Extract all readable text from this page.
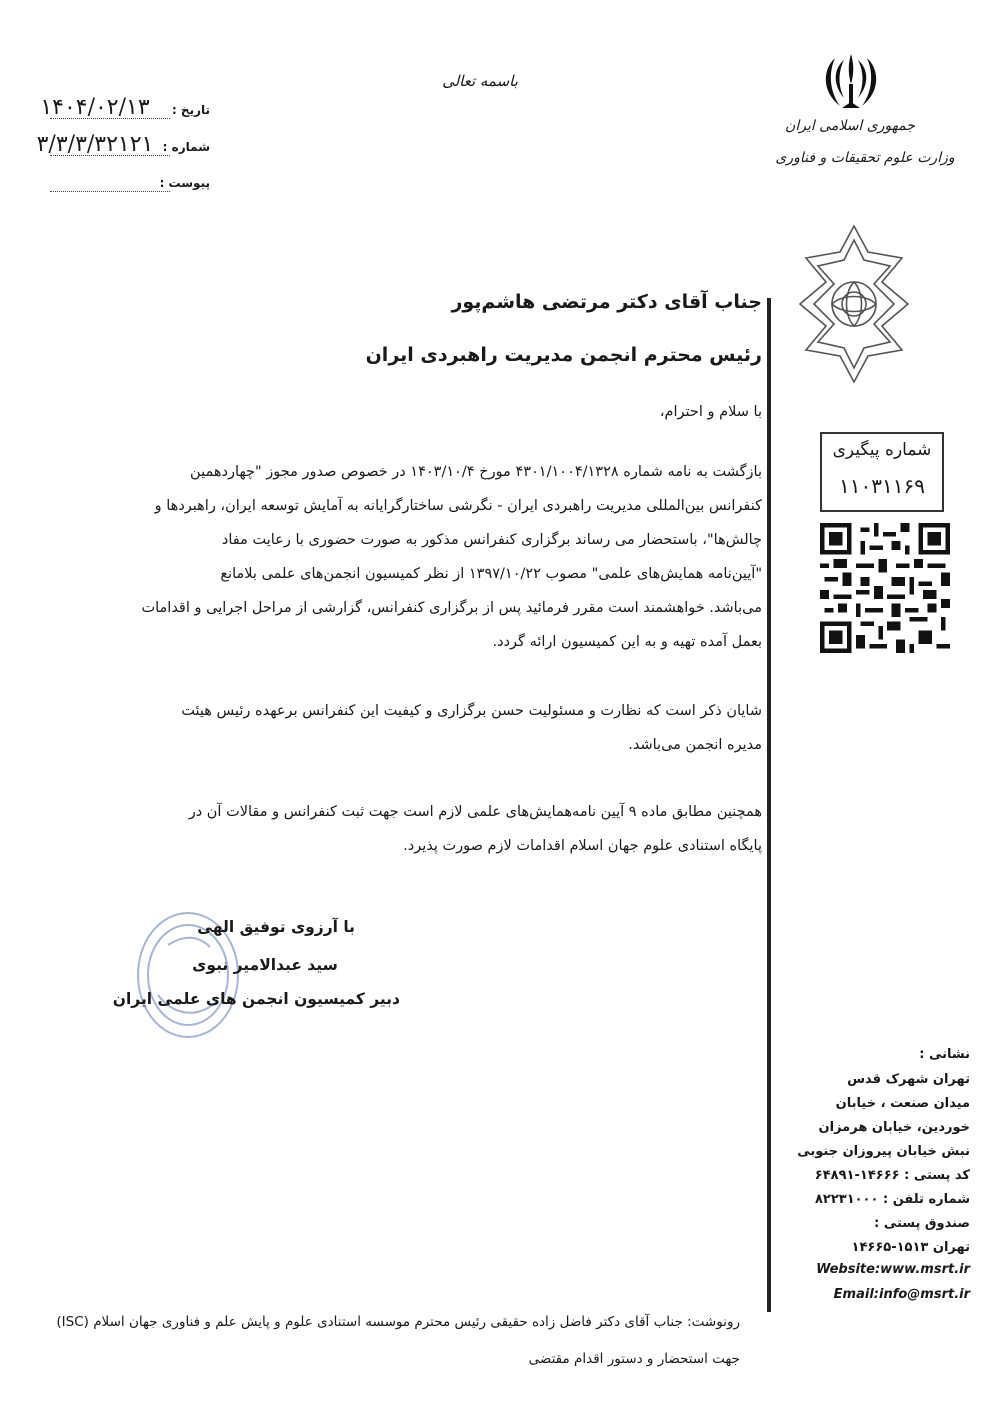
تاریخ :
۱۴۰۴/۰۲/۱۳
شماره :
۳/۳/۳/۳۲۱۲۱
پیوست :
باسمه تعالی
جمهوری اسلامی ایران
وزارت علوم تحقیقات و فناوری
شماره پیگیری
۱۱۰۳۱۱۶۹
جناب آقای دکتر مرتضی هاشم‌پور
رئیس محترم انجمن مدیریت راهبردی ایران
با سلام و احترام،
بازگشت به نامه شماره ۴۳۰۱/۱۰۰۴/۱۳۲۸ مورخ ۱۴۰۳/۱۰/۴ در خصوص صدور مجوز "چهاردهمین
کنفرانس بین‌المللی مدیریت راهبردی ایران - نگرشی ساختارگرایانه به آمایش توسعه ایران، راهبردها و
چالش‌ها"، باستحضار می رساند برگزاری کنفرانس مذکور به صورت حضوری با رعایت مفاد
"آیین‌نامه همایش‌های علمی" مصوب ۱۳۹۷/۱۰/۲۲ از نظر کمیسیون انجمن‌های علمی بلامانع
می‌باشد. خواهشمند است مقرر فرمائید پس از برگزاری کنفرانس، گزارشی از مراحل اجرایی و اقدامات
بعمل آمده تهیه و به این کمیسیون ارائه گردد.
شایان ذکر است که نظارت و مسئولیت حسن برگزاری و کیفیت این کنفرانس برعهده رئیس هیئت
مدیره انجمن می‌باشد.
همچنین مطابق ماده ۹ آیین نامه‌همایش‌های علمی لازم است جهت ثبت کنفرانس و مقالات آن در
پایگاه استنادی علوم جهان اسلام اقدامات لازم صورت پذیرد.
با آرزوی توفیق الهی
سید عبدالامیر نبوی
دبیر کمیسیون انجمن های علمی ایران
نشانی :
تهران شهرک قدس
میدان صنعت ، خیابان
خوردین، خیابان هرمزان
نبش خیابان پیروزان جنوبی
کد پستی : ۱۴۶۶۶-۶۴۸۹۱
شماره تلفن : ۸۲۲۳۱۰۰۰
صندوق پستی :
تهران ۱۵۱۳-۱۴۶۶۵
Website:www.msrt.ir
Email:info@msrt.ir
رونوشت: جناب آقای دکتر فاضل زاده حقیقی رئیس محترم موسسه استنادی علوم و پایش علم و فناوری جهان اسلام (ISC)
جهت استحضار و دستور اقدام مقتضی
